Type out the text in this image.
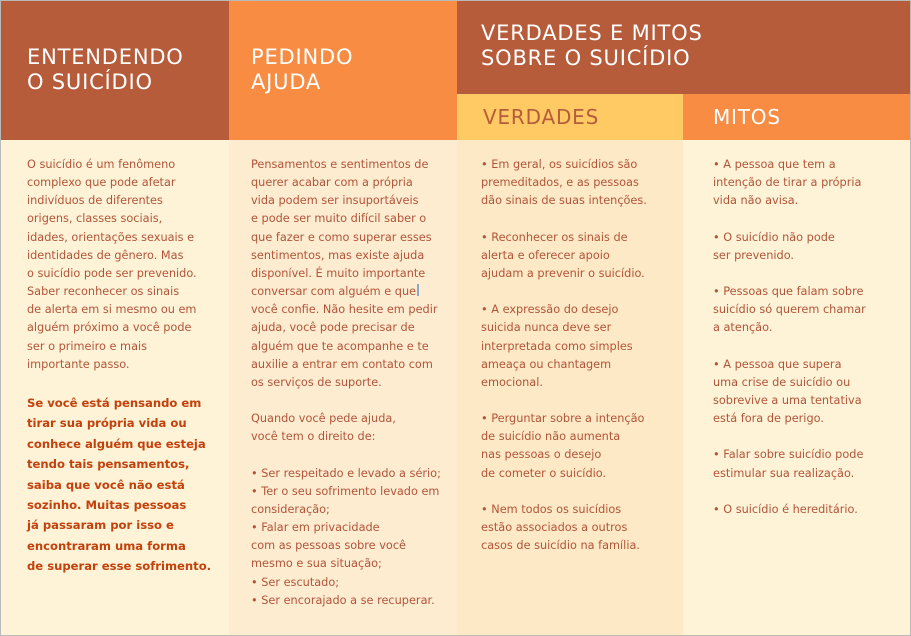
ENTENDENDO
O SUICÍDIO
O suicídio é um fenômeno
complexo que pode afetar
indivíduos de diferentes
origens, classes sociais,
idades, orientações sexuais e
identidades de gênero. Mas
o suicídio pode ser prevenido.
Saber reconhecer os sinais
de alerta em si mesmo ou em
alguém próximo a você pode
ser o primeiro e mais
importante passo.
Se você está pensando em
tirar sua própria vida ou
conhece alguém que esteja
tendo tais pensamentos,
saiba que você não está
sozinho. Muitas pessoas
já passaram por isso e
encontraram uma forma
de superar esse sofrimento.
PEDINDO
AJUDA
Pensamentos e sentimentos de
querer acabar com a própria
vida podem ser insuportáveis
e pode ser muito difícil saber o
que fazer e como superar esses
sentimentos, mas existe ajuda
disponível. É muito importante
conversar com alguém e que
você confie. Não hesite em pedir
ajuda, você pode precisar de
alguém que te acompanhe e te
auxilie a entrar em contato com
os serviços de suporte.
Quando você pede ajuda,
você tem o direito de:
• Ser respeitado e levado a sério;
• Ter o seu sofrimento levado em
consideração;
• Falar em privacidade
com as pessoas sobre você
mesmo e sua situação;
• Ser escutado;
• Ser encorajado a se recuperar.
• Em geral, os suicídios são
premeditados, e as pessoas
dão sinais de suas intenções.
• Reconhecer os sinais de
alerta e oferecer apoio
ajudam a prevenir o suicídio.
• A expressão do desejo
suicida nunca deve ser
interpretada como simples
ameaça ou chantagem
emocional.
• Perguntar sobre a intenção
de suicídio não aumenta
nas pessoas o desejo
de cometer o suicídio.
• Nem todos os suicídios
estão associados a outros
casos de suicídio na família.
• A pessoa que tem a
intenção de tirar a própria
vida não avisa.
• O suicídio não pode
ser prevenido.
• Pessoas que falam sobre
suicídio só querem chamar
a atenção.
• A pessoa que supera
uma crise de suicídio ou
sobrevive a uma tentativa
está fora de perigo.
• Falar sobre suicídio pode
estimular sua realização.
• O suicídio é hereditário.
VERDADES E MITOS
SOBRE O SUICÍDIO
VERDADES	MITOS
